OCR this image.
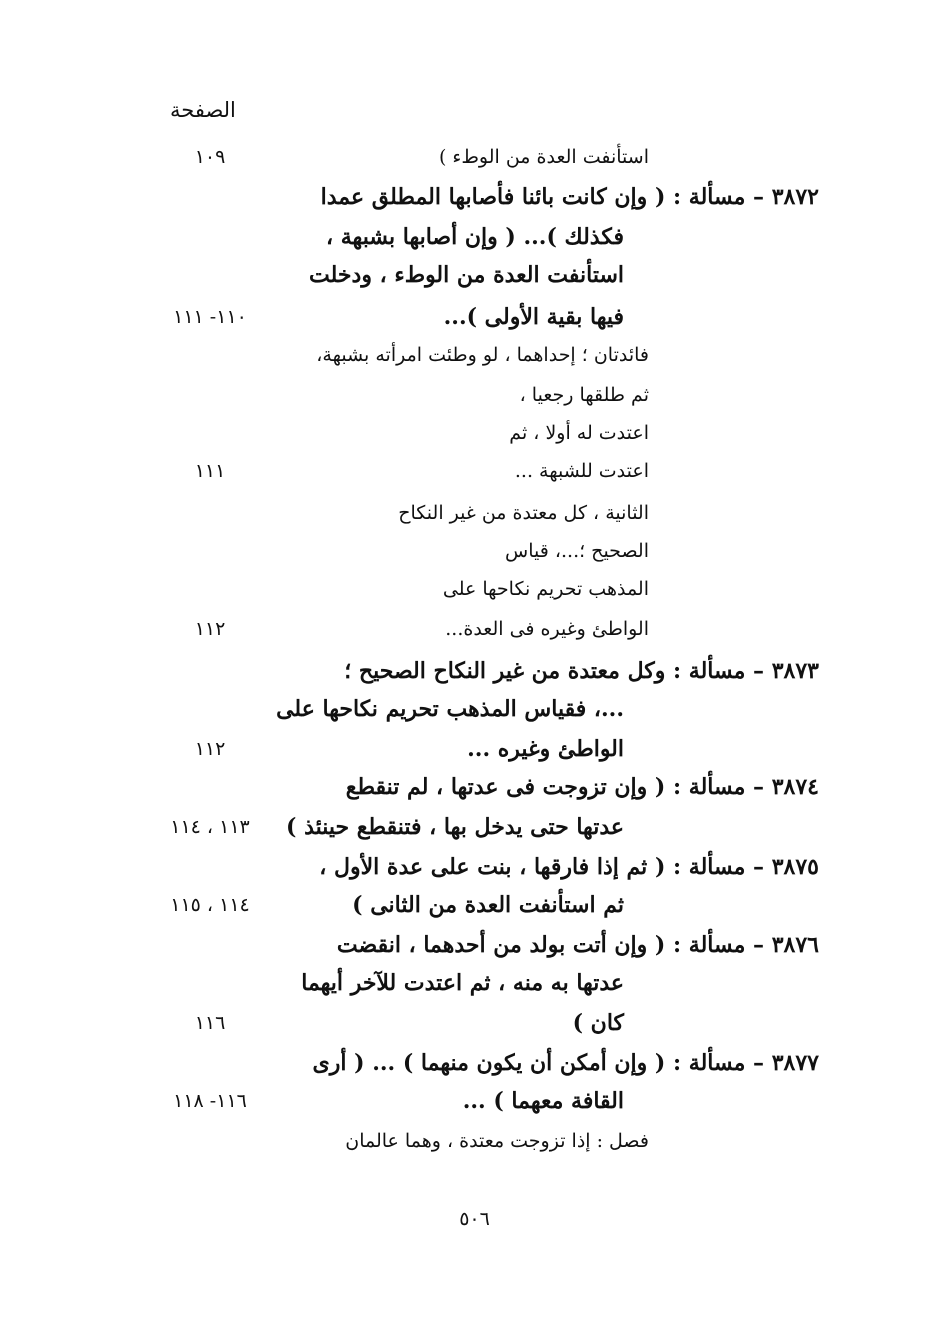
الصفحة
استأنفت العدة من الوطء )
١٠٩
٣٨٧٢ – مسألة : ( وإن كانت بائنا فأصابها المطلق عمدا
فكذلك )... ( وإن أصابها بشبهة ،
استأنفت العدة من الوطء ، ودخلت
فيها بقية الأولى )...
١١٠- ١١١
فائدتان ؛ إحداهما ، لو وطئت امرأته بشبهة،
ثم طلقها رجعيا ،
اعتدت له أولا ، ثم
اعتدت للشبهة ...
١١١
الثانية ، كل معتدة من غير النكاح
الصحيح ؛...، قياس
المذهب تحريم نكاحها على
الواطئ وغيره فى العدة...
١١٢
٣٨٧٣ – مسألة : وكل معتدة من غير النكاح الصحيح ؛
...، فقياس المذهب تحريم نكاحها على
الواطئ وغيره ...
١١٢
٣٨٧٤ – مسألة : ( وإن تزوجت فى عدتها ، لم تنقطع
عدتها حتى يدخل بها ، فتنقطع حينئذ )
١١٣ ، ١١٤
٣٨٧٥ – مسألة : ( ثم إذا فارقها ، بنت على عدة الأول ،
ثم استأنفت العدة من الثانى )
١١٤ ، ١١٥
٣٨٧٦ – مسألة : ( وإن أتت بولد من أحدهما ، انقضت
عدتها به منه ، ثم اعتدت للآخر أيهما
كان )
١١٦
٣٨٧٧ – مسألة : ( وإن أمكن أن يكون منهما ) ... ( أرى
القافة معهما ) ...
١١٦- ١١٨
فصل : إذا تزوجت معتدة ، وهما عالمان
٥٠٦
